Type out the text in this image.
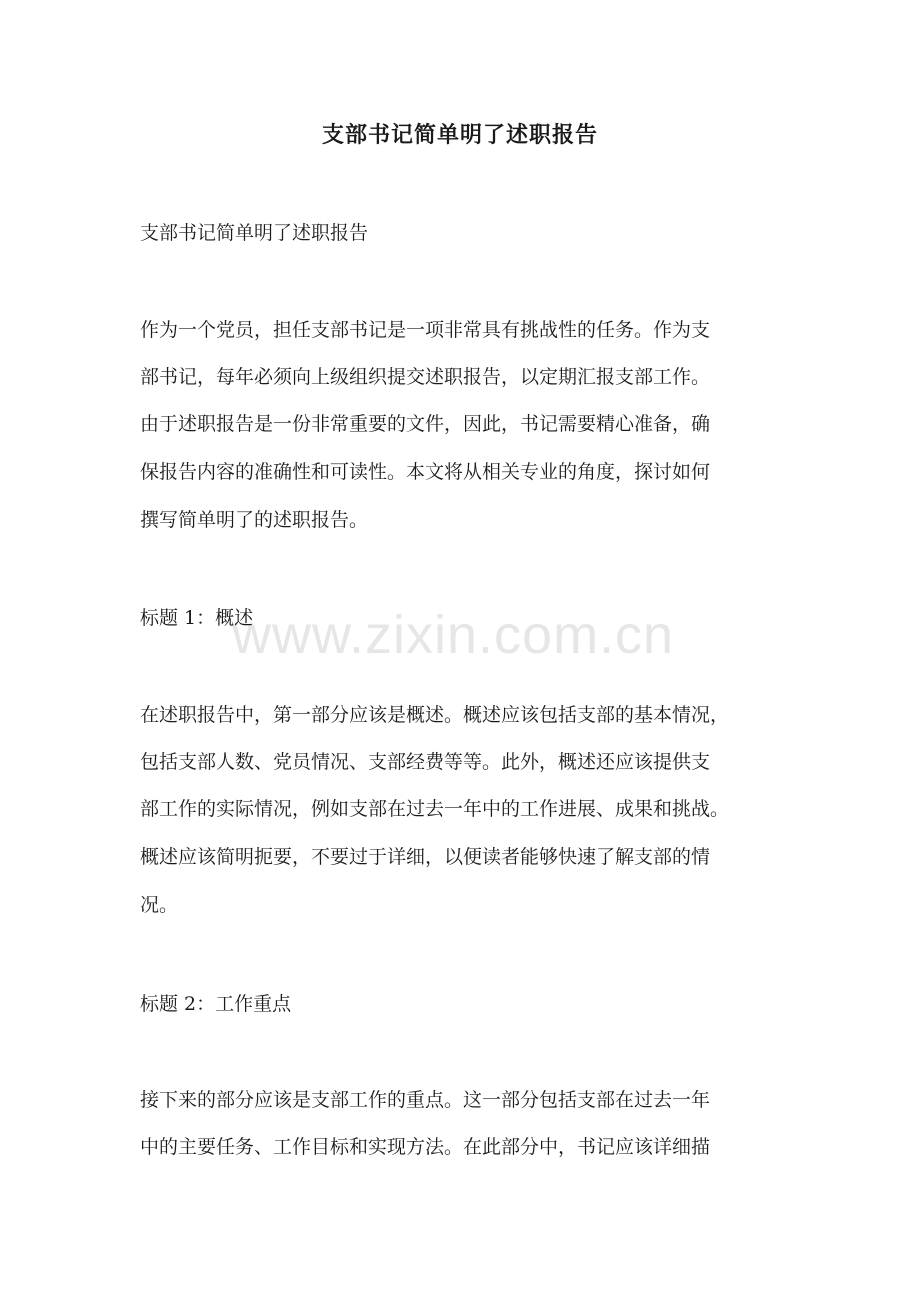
www.zixin.com.cn
支部书记简单明了述职报告
支部书记简单明了述职报告
作为一个党员，担任支部书记是一项非常具有挑战性的任务。作为支
部书记，每年必须向上级组织提交述职报告，以定期汇报支部工作。
由于述职报告是一份非常重要的文件，因此，书记需要精心准备，确
保报告内容的准确性和可读性。本文将从相关专业的角度，探讨如何
撰写简单明了的述职报告。
标题 1：概述
在述职报告中，第一部分应该是概述。概述应该包括支部的基本情况，
包括支部人数、党员情况、支部经费等等。此外，概述还应该提供支
部工作的实际情况，例如支部在过去一年中的工作进展、成果和挑战。
概述应该简明扼要，不要过于详细，以便读者能够快速了解支部的情
况。
标题 2：工作重点
接下来的部分应该是支部工作的重点。这一部分包括支部在过去一年
中的主要任务、工作目标和实现方法。在此部分中，书记应该详细描
